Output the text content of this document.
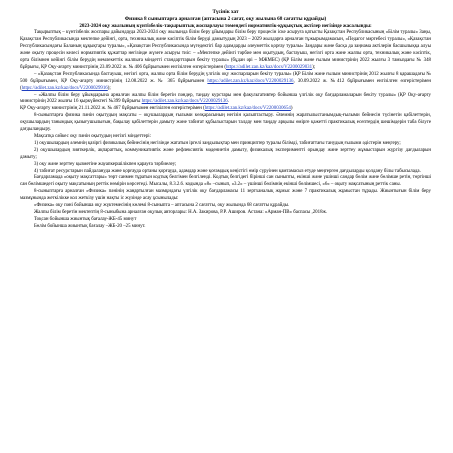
Түсінік хат

Физика 8 сыныптарға арналған (аптасына 2 сағат, оқу жылына 68 сағатты құрайды)

2023-2024 оқу жылының күнтізбелік-тақырыптық жоспарлауы төмендегі нормативтік-құқықтық актілер негізінде жасалынды:

Тақырыптық – күнтізбелік жоспары дайындауда 2023-2024 оқу жылында білім беру ұйымдары білім беру процесін іске асыруға қатысты Қазақстан Республикасының «Білім туралы» Заңы, Қазақстан Республикасында мектепке дейінгі, орта, техникалық және кәсіптік білім беруді дамытудың 2023 – 2029 жылдарға арналған тұжырымдамасын, «Педагог мәртебесі туралы», «Қазақстан Республикасындағы Баланың құқықтары туралы», «Қазақстан Республикасында мүгедектігі бар адамдарды әлеуметтік қорғау туралы» Заңдары және басқа да заңнама актілерін басшылыққа алуы және оқыту процесін келесі нормативтік құжаттар негізінде жүзеге асыруы тиіс: – «Мектепке дейінгі тәрбие мен оқытудың, бастауыш, негізгі орта және жалпы орта, техникалық және кәсіптік, орта білімнен кейінгі білім берудің мемлекеттік жалпыға міндетті стандарттарын бекіту туралы» (бұдан әрі – МЖМБС) (ҚР Білім және ғылым министрінің 2022 жылғы 3 тамыздағы № 348 бұйрығы, ҚР Оқу-ағарту министрінің 23.09.2022 ж. № 406 бұйрығымен енгізілген өзгерістерімен (https://adilet.zan.kz/kaz/docs/V2200029031);

– «Қазақстан Республикасында бастауыш, негізгі орта, жалпы орта білім берудің үлгілік оқу жоспарларын бекіту туралы» (ҚР Білім және ғылым министрінің 2012 жылғы 8 қарашадағы № 500 бұйрығымен, ҚР Оқу-ағарту министрінің 12.08.2022 ж. № 365 бұйрығымен https://adilet.zan.kz/kaz/docs/V2200029136, 30.09.2022 ж. №412 бұйрығымен енгізілген өзгерістерімен (https://adilet.zan.kz/kaz/docs/V2200029916);

– «Жалпы білім беру ұйымдарына арналған жалпы білім беретін пәндер, таңдау курстары мен факультативтер бойынша үлгілік оқу бағдарламаларын бекіту туралы» (ҚР Оқу-ағарту министрінің 2022 жылғы 16 қыркүйектегі №399 бұйрығы https://adilet.zan.kz/kaz/docs/V2200029136.

ҚР Оқу-ағарту министрінің 21.11.2022 ж. № 467 бұйрығымен енгізілген өзгерістерімен (https://adilet.zan.kz/kaz/docs/V2200030654)

8-сыныптарға физика пәнін оқытудың мақсаты – оқушылардың ғылыми көзқарасының негізін қалыптастыру. Әлемнің жаратылыстанымдық-ғылыми бейнесін түсінетін қабілеттерін, оқушылардың танымдық қызығушылығын, бақылау қабілеттерін дамыту және табиғат құбылыстарын талдау мен таңдау арқылы өмірге қажетті практикалық есептердің шешімдерін таба білуге дағдыландыру.

Мақсатқа сәйкес оқу пәнін оқытудың негізгі міндеттері:

1) оқушылардың әлемнің қазіргі физикалық бейнесінің негізінде жататын іргелі заңдылықтар мен принциптер туралы білімді, табиғаттағы танудың ғылыми әдістерін меңгеру;

2) оқушылардың зияткерлік, ақпараттық, коммуникативтік және рефлексивтік мәдениетін дамыту, физикалық эксперименттi орындау және зерттеу жұмыстарын жүргізу дағдыларын дамыту;

3) оқу және зерттеу қызметіне жауапкершілікпен қарауға тәрбиелеу;

4) табиғат ресурстарын пайдалануда және қорғауда ортаны қорғауда, адамдар және қоғамдық кеңістігі өмір сүруінен қамтамасыз етуде меңгерген дағдыларды қолдану білы табысылада.

Бағдарламада «оқыту мақсаттары» төрт санмен тұратын кодтық белгімен белгіленді. Кодтық белгідегі бірінші сан сыныпты, екінші және үшінші сандар бөлім және бөлімше ретін, төртінші сан бөлімшедегі оқыту мақсатының реттік нөмірін көрсетеді. Мысалы, 8.3.2.6. кодында «8» –сынып, «3.2» – үшінші бөлімнің екінші бөлімшесі, «6» – оқыту мақсатының реттік саны.

8-сыныптарға арналған «Физика» пәнінің жаңартылған мазмұндағы үлгілік оқу бағдарламасы 11 зертханалық жұмыс және 7 практикалық жұмыстан тұрады. Жиынтығын білім беру мазмұнында жеткілікке кол жеткізу үшін нақты іс жүзінде асау ұсынылады:

«Физика» оқу пәні бойынша оқу жүктемесінің көлемі 8-сыныпта – аптасына 2 сағатты, оқу жылында 68 сағатты құрайды.

Жалпы білім беретін мектептің 8-сыныбына арналған оқулық авторлары: Н.А. Закирова, Р.Р. Аширов. Астана: «Арман-ПВ» баспасы ,2018ж.

Тоқсан бойынша жиынтық бағалау-ЖБ-45 минут

Бөлім бойынша жиынтық бағалау –ЖБ-20 –25 минут.
